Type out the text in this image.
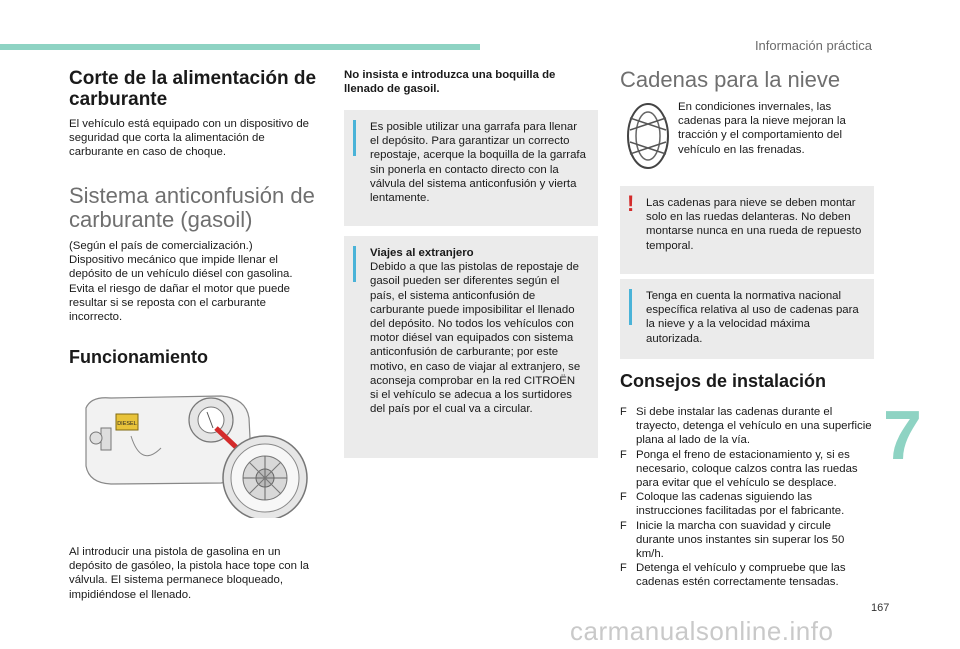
Información práctica
Corte de la alimentación de carburante

El vehículo está equipado con un dispositivo de seguridad que corta la alimentación de carburante en caso de choque.

Sistema anticonfusión de carburante (gasoil)

(Según el país de comercialización.) Dispositivo mecánico que impide llenar el depósito de un vehículo diésel con gasolina. Evita el riesgo de dañar el motor que puede resultar si se reposta con el carburante incorrecto.

Funcionamiento
DIESEL

Al introducir una pistola de gasolina en un depósito de gasóleo, la pistola hace tope con la válvula. El sistema permanece bloqueado, impidiéndose el llenado.

No insista e introduzca una boquilla de llenado de gasoil.

Es posible utilizar una garrafa para llenar el depósito. Para garantizar un correcto repostaje, acerque la boquilla de la garrafa sin ponerla en contacto directo con la válvula del sistema anticonfusión y vierta lentamente.

Viajes al extranjero

Debido a que las pistolas de repostaje de gasoil pueden ser diferentes según el país, el sistema anticonfusión de carburante puede imposibilitar el llenado del depósito. No todos los vehículos con motor diésel van equipados con sistema anticonfusión de carburante; por este motivo, en caso de viajar al extranjero, se aconseja comprobar en la red CITROËN si el vehículo se adecua a los surtidores del país por el cual va a circular.

Cadenas para la nieve

En condiciones invernales, las cadenas para la nieve mejoran la tracción y el comportamiento del vehículo en las frenadas.

! Las cadenas para nieve se deben montar solo en las ruedas delanteras. No deben montarse nunca en una rueda de repuesto temporal.

Tenga en cuenta la normativa nacional específica relativa al uso de cadenas para la nieve y a la velocidad máxima autorizada.

Consejos de instalación
F Si debe instalar las cadenas durante el trayecto, detenga el vehículo en una superficie plana al lado de la vía.
F Ponga el freno de estacionamiento y, si es necesario, coloque calzos contra las ruedas para evitar que el vehículo se desplace.
F Coloque las cadenas siguiendo las instrucciones facilitadas por el fabricante.
F Inicie la marcha con suavidad y circule durante unos instantes sin superar los 50 km/h.
F Detenga el vehículo y compruebe que las cadenas estén correctamente tensadas.
7
167
carmanualsonline.info
